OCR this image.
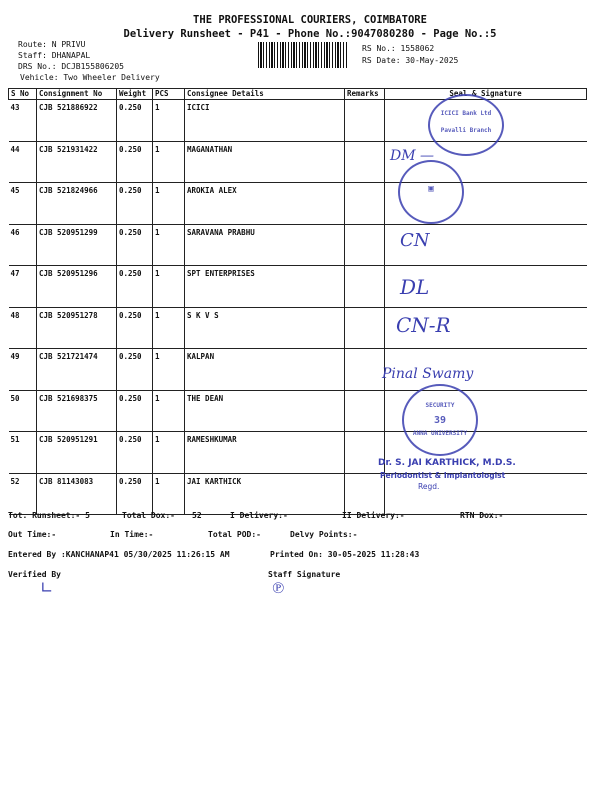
THE PROFESSIONAL COURIERS, COIMBATORE
Delivery Runsheet - P41 - Phone No.:9047080280 - Page No.:5
Route: N PRIVU
Staff: DHANAPAL
DRS No.: DCJB155806205
Vehicle: Two Wheeler Delivery
RS No.: 1558062
RS Date: 30-May-2025
S No	Consignment No	Weight	PCS	Consignee Details	Remarks	Seal & Signature
43	CJB 521886922	0.250	1	ICICI		
44	CJB 521931422	0.250	1	MAGANATHAN		
45	CJB 521824966	0.250	1	AROKIA ALEX		
46	CJB 520951299	0.250	1	SARAVANA PRABHU		
47	CJB 520951296	0.250	1	SPT ENTERPRISES		
48	CJB 520951278	0.250	1	S K V S		
49	CJB 521721474	0.250	1	KALPAN		
50	CJB 521698375	0.250	1	THE DEAN		
51	CJB 520951291	0.250	1	RAMESHKUMAR		
52	CJB 81143083	0.250	1	JAI KARTHICK		
ICICI Bank Ltd
Pavalli Branch
▣
DM —
CN
DL
CN-R
Pinal Swamy
SECURITY
39
ANNA UNIVERSITY
Dr. S. JAI KARTHICK, M.D.S.
Periodontist & Implantologist
Regd.
Tot. Runsheet:- 5	Total Dox:- 52	I Delivery:-	II Delivery:-	RTN Dox:-
Out Time:-	In Time:-	Total POD:-	Delvy Points:-
Entered By :KANCHANAP41 05/30/2025 11:26:15 AM	Printed On: 30-05-2025 11:28:43
Verified By	Staff Signature
∟	℗
